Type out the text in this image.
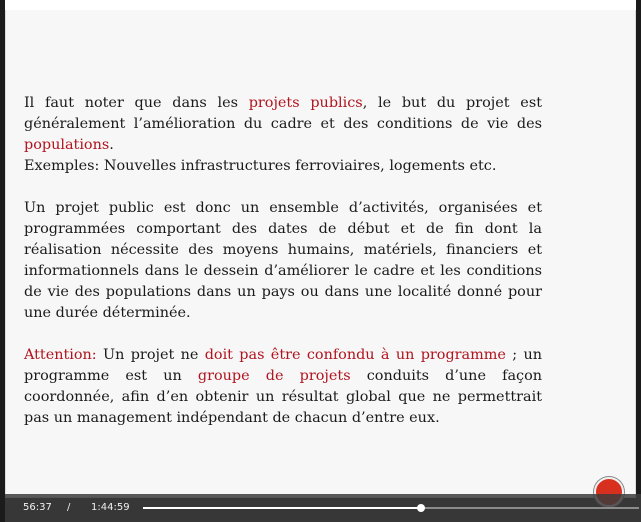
Il faut noter que dans les projets publics, le but du projet est généralement l’amélioration du cadre et des conditions de vie des populations.
Exemples: Nouvelles infrastructures ferroviaires, logements etc.
Un projet public est donc un ensemble d’activités, organisées et programmées comportant des dates de début et de fin dont la réalisation nécessite des moyens humains, matériels, financiers et informationnels dans le dessein d’améliorer le cadre et les conditions de vie des populations dans un pays ou dans une localité donné pour une durée déterminée.
Attention: Un projet ne doit pas être confondu à un programme ; un programme est un groupe de projets conduits d’une façon coordonnée, afin d’en obtenir un résultat global que ne permettrait pas un management indépendant de chacun d’entre eux.
56:37 / 1:44:59
